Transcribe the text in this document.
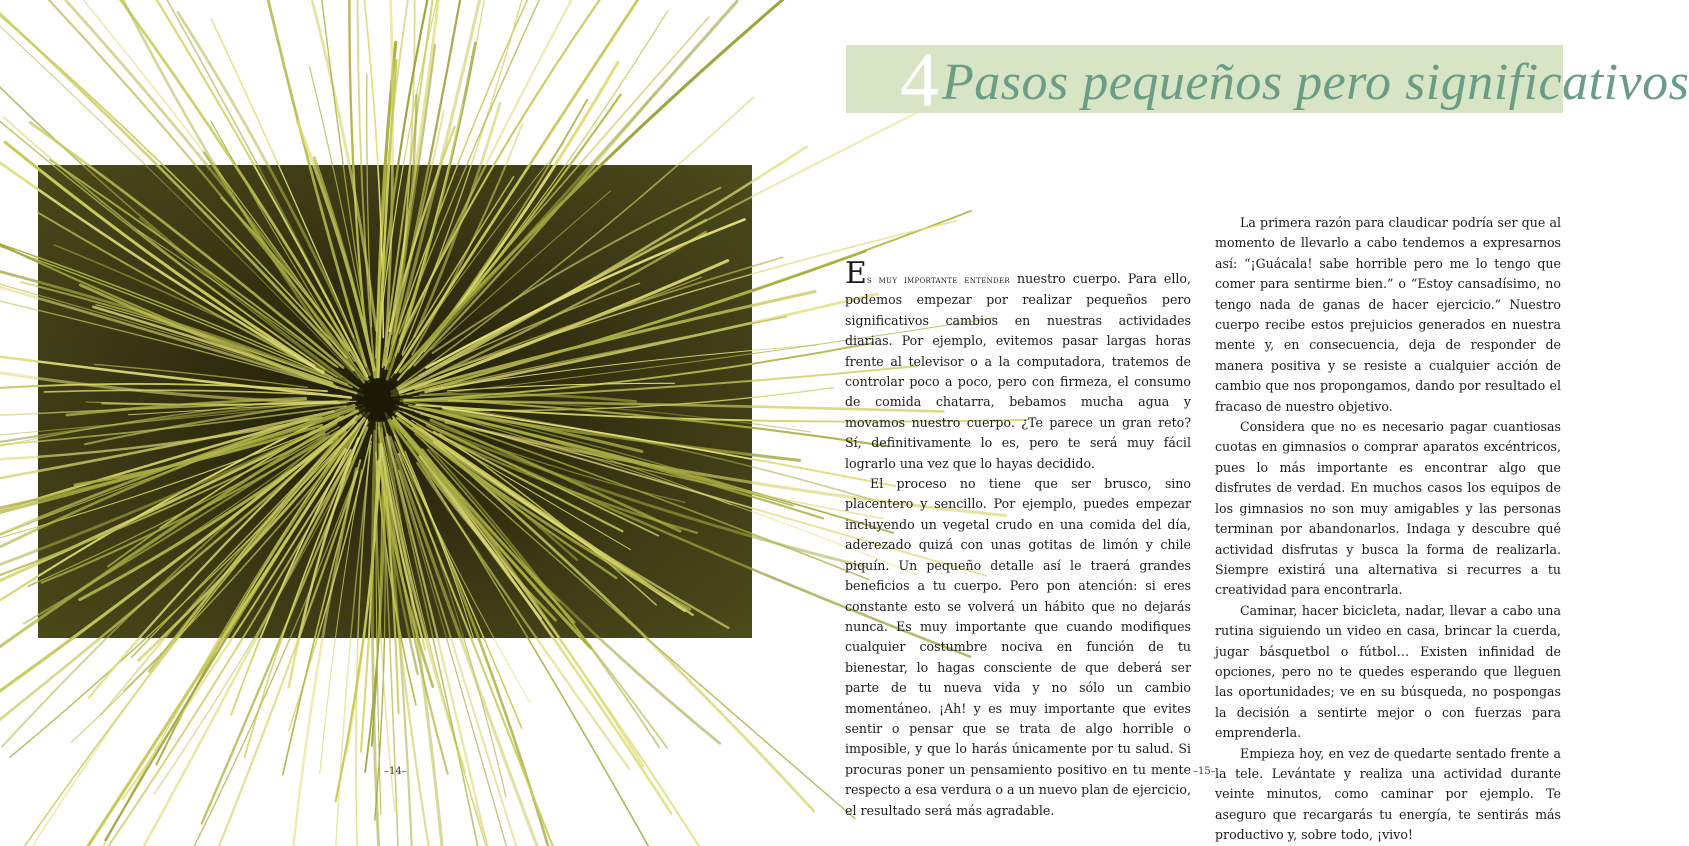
–14–
4 Pasos pequeños pero significativos

Es muy importante entender nuestro cuerpo. Para ello, podemos empezar por realizar pequeños pero significativos cambios en nuestras actividades diarias. Por ejemplo, evitemos pasar largas horas frente al televisor o a la computadora, tratemos de controlar poco a poco, pero con firmeza, el consumo de comida chatarra, bebamos mucha agua y movamos nuestro cuerpo. ¿Te parece un gran reto? Sí, definitivamente lo es, pero te será muy fácil lograrlo una vez que lo hayas decidido.

El proceso no tiene que ser brusco, sino placentero y sencillo. Por ejemplo, puedes empezar incluyendo un vegetal crudo en una comida del día, aderezado quizá con unas gotitas de limón y chile piquín. Un pequeño detalle así le traerá grandes beneficios a tu cuerpo. Pero pon atención: si eres constante esto se volverá un hábito que no dejarás nunca. Es muy importante que cuando modifiques cualquier costumbre nociva en función de tu bienestar, lo hagas consciente de que deberá ser parte de tu nueva vida y no sólo un cambio momentáneo. ¡Ah! y es muy importante que evites sentir o pensar que se trata de algo horrible o imposible, y que lo harás únicamente por tu salud. Si procuras poner un pensamiento positivo en tu mente respecto a esa verdura o a un nuevo plan de ejercicio, el resultado será más agradable.

La primera razón para claudicar podría ser que al momento de llevarlo a cabo tendemos a expresarnos así: “¡Guácala! sabe horrible pero me lo tengo que comer para sentirme bien.” o “Estoy cansadísimo, no tengo nada de ganas de hacer ejercicio.” Nuestro cuerpo recibe estos prejuicios generados en nuestra mente y, en consecuencia, deja de responder de manera positiva y se resiste a cualquier acción de cambio que nos propongamos, dando por resultado el fracaso de nuestro objetivo.

Considera que no es necesario pagar cuantiosas cuotas en gimnasios o comprar aparatos excéntricos, pues lo más importante es encontrar algo que disfrutes de verdad. En muchos casos los equipos de los gimnasios no son muy amigables y las personas terminan por abandonarlos. Indaga y descubre qué actividad disfrutas y busca la forma de realizarla. Siempre existirá una alternativa si recurres a tu creatividad para encontrarla.

Caminar, hacer bicicleta, nadar, llevar a cabo una rutina siguiendo un video en casa, brincar la cuerda, jugar básquetbol o fútbol… Existen infinidad de opciones, pero no te quedes esperando que lleguen las oportunidades; ve en su búsqueda, no pospongas la decisión a sentirte mejor o con fuerzas para emprenderla.

Empieza hoy, en vez de quedarte sentado frente a la tele. Levántate y realiza una actividad durante veinte minutos, como caminar por ejemplo. Te aseguro que recargarás tu energía, te sentirás más productivo y, sobre todo, ¡vivo!

–15–
